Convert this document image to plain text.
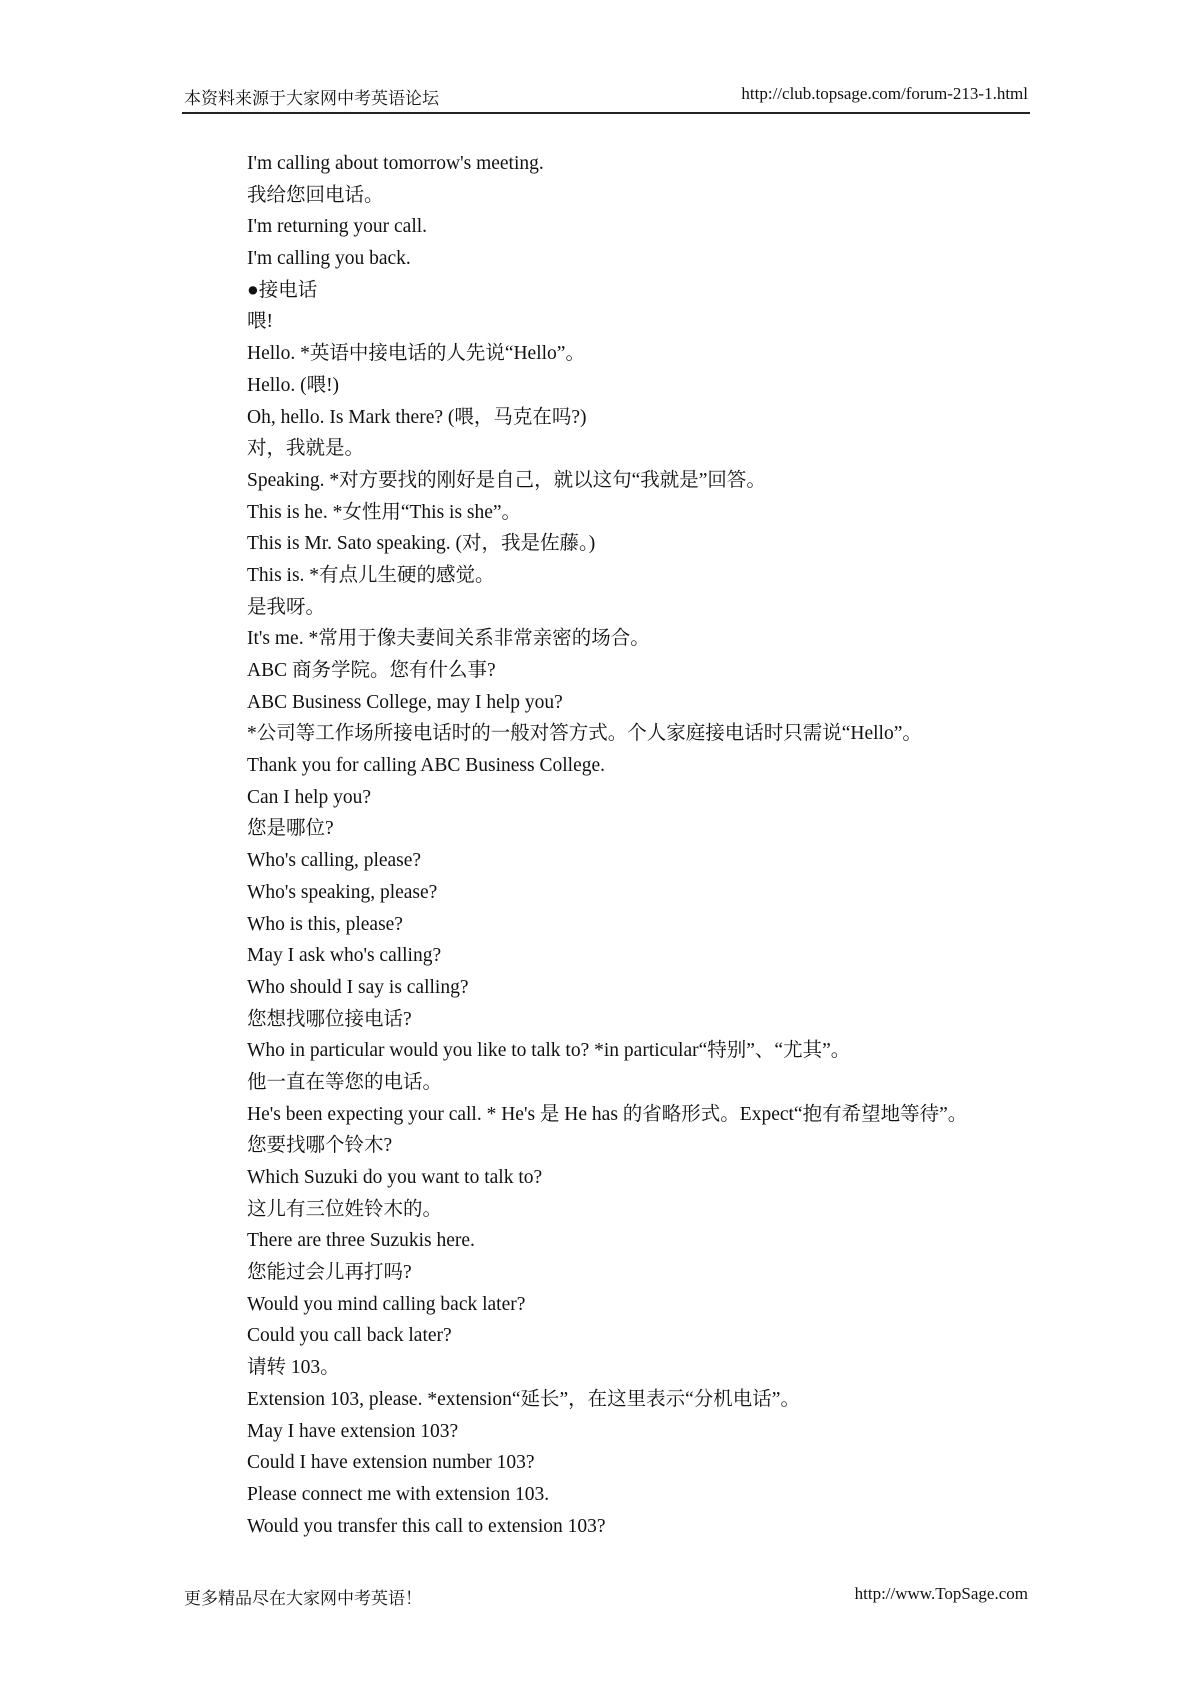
本资料来源于大家网中考英语论坛	http://club.topsage.com/forum-213-1.html
I'm calling about tomorrow's meeting.
我给您回电话。
I'm returning your call.
I'm calling you back.
●接电话
喂!
Hello. *英语中接电话的人先说“Hello”。
Hello. (喂!)
Oh, hello. Is Mark there? (喂，马克在吗?)
对，我就是。
Speaking. *对方要找的刚好是自己，就以这句“我就是”回答。
This is he. *女性用“This is she”。
This is Mr. Sato speaking. (对，我是佐藤。)
This is. *有点儿生硬的感觉。
是我呀。
It's me. *常用于像夫妻间关系非常亲密的场合。
ABC 商务学院。您有什么事?
ABC Business College, may I help you?
*公司等工作场所接电话时的一般对答方式。个人家庭接电话时只需说“Hello”。
Thank you for calling ABC Business College.
Can I help you?
您是哪位?
Who's calling, please?
Who's speaking, please?
Who is this, please?
May I ask who's calling?
Who should I say is calling?
您想找哪位接电话?
Who in particular would you like to talk to? *in particular“特别”、“尤其”。
他一直在等您的电话。
He's been expecting your call. * He's 是 He has 的省略形式。Expect“抱有希望地等待”。
您要找哪个铃木?
Which Suzuki do you want to talk to?
这儿有三位姓铃木的。
There are three Suzukis here.
您能过会儿再打吗?
Would you mind calling back later?
Could you call back later?
请转 103。
Extension 103, please. *extension“延长”，在这里表示“分机电话”。
May I have extension 103?
Could I have extension number 103?
Please connect me with extension 103.
Would you transfer this call to extension 103?
更多精品尽在大家网中考英语！	http://www.TopSage.com
